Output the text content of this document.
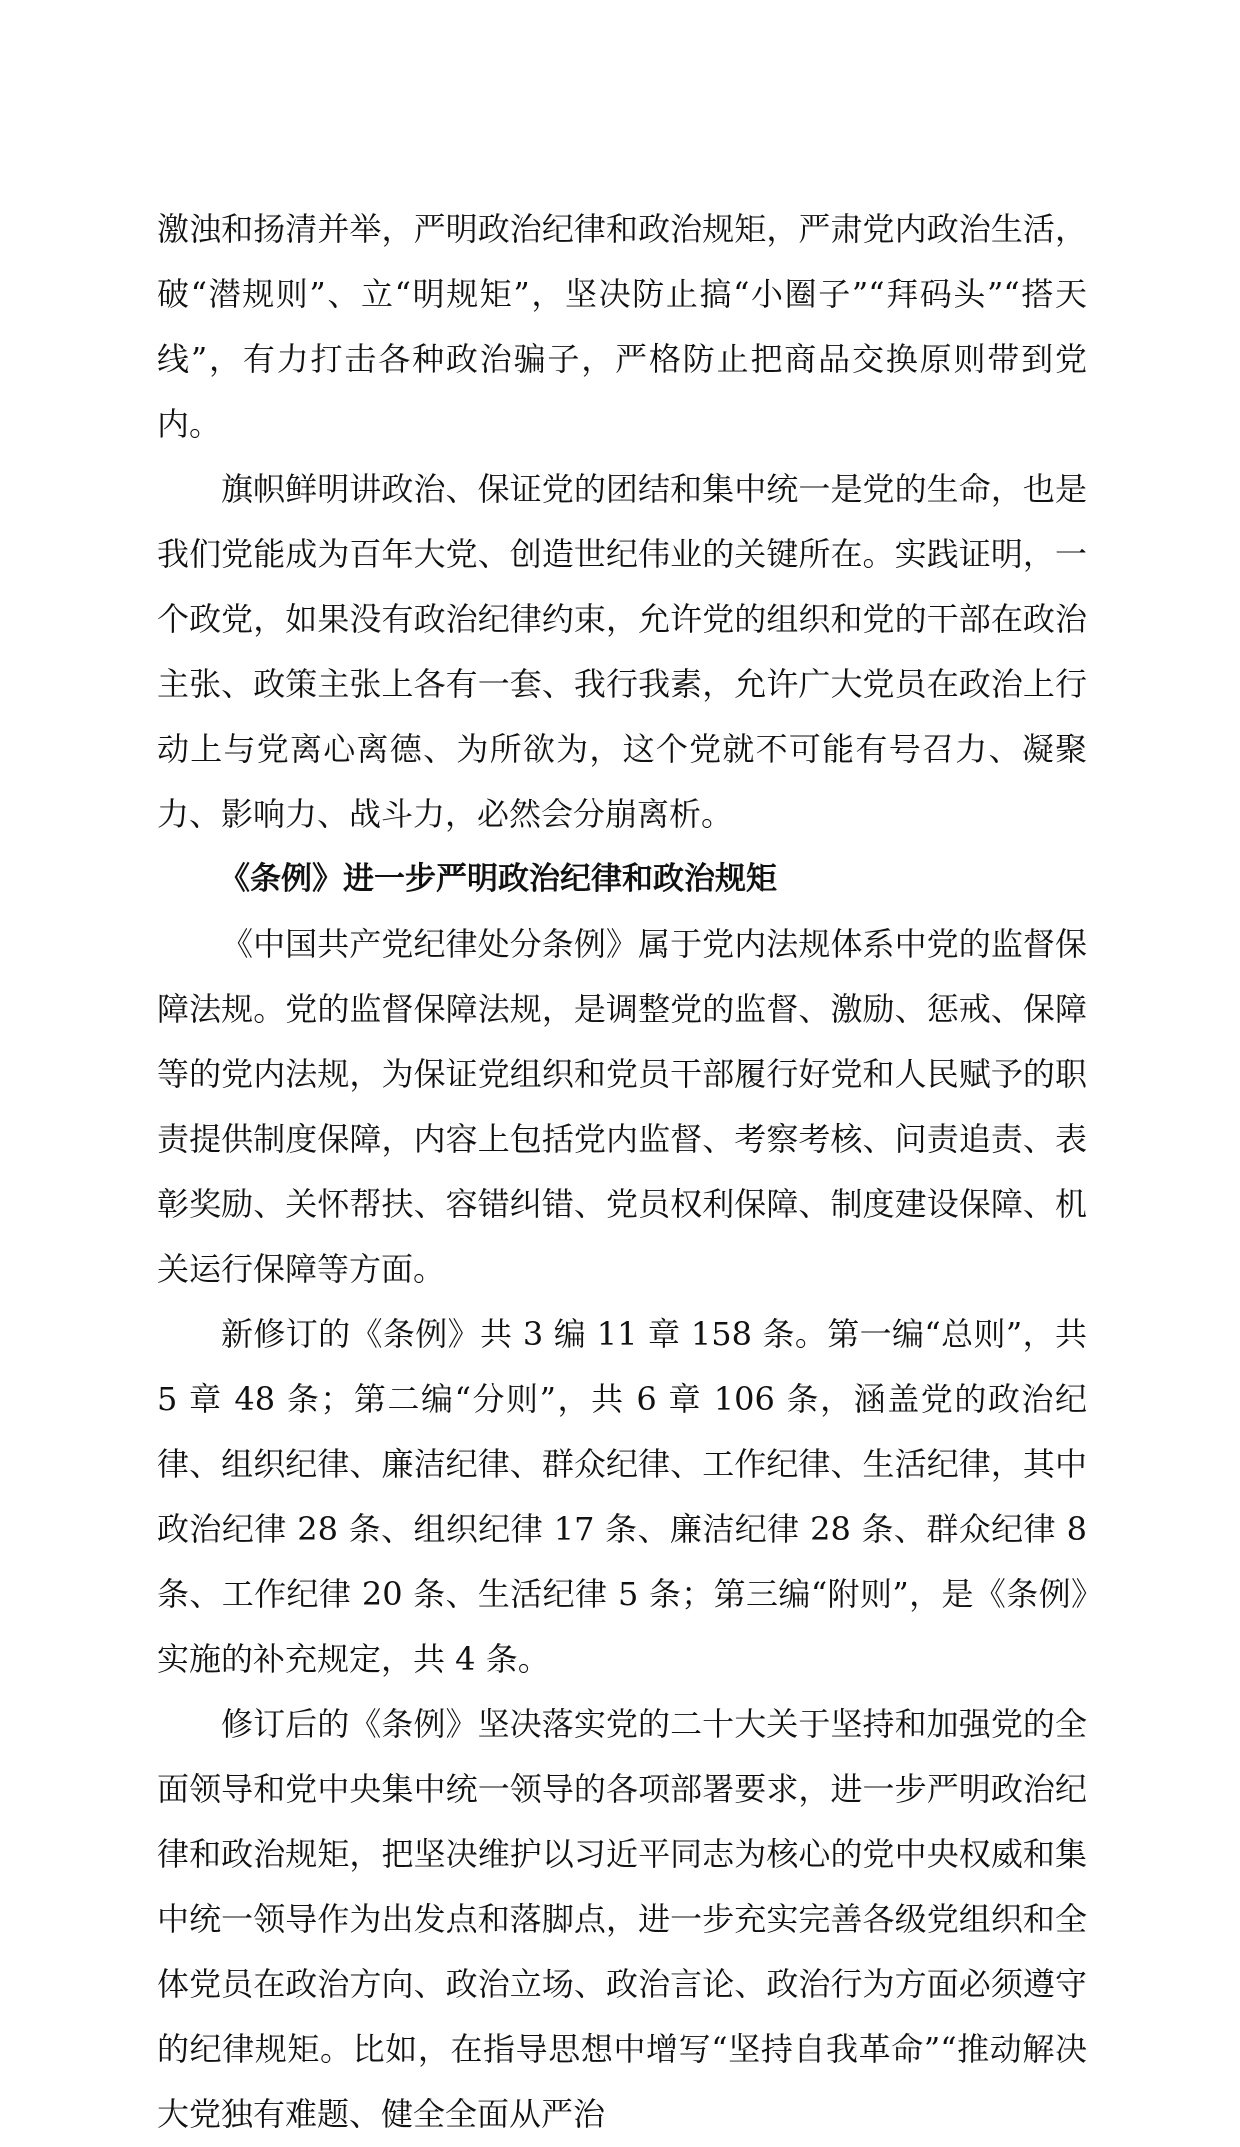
激浊和扬清并举，严明政治纪律和政治规矩，严肃党内政治生活，破“潜规则”、立“明规矩”，坚决防止搞“小圈子”“拜码头”“搭天线”，有力打击各种政治骗子，严格防止把商品交换原则带到党内。

旗帜鲜明讲政治、保证党的团结和集中统一是党的生命，也是我们党能成为百年大党、创造世纪伟业的关键所在。实践证明，一个政党，如果没有政治纪律约束，允许党的组织和党的干部在政治主张、政策主张上各有一套、我行我素，允许广大党员在政治上行动上与党离心离德、为所欲为，这个党就不可能有号召力、凝聚力、影响力、战斗力，必然会分崩离析。

《条例》进一步严明政治纪律和政治规矩

《中国共产党纪律处分条例》属于党内法规体系中党的监督保障法规。党的监督保障法规，是调整党的监督、激励、惩戒、保障等的党内法规，为保证党组织和党员干部履行好党和人民赋予的职责提供制度保障，内容上包括党内监督、考察考核、问责追责、表彰奖励、关怀帮扶、容错纠错、党员权利保障、制度建设保障、机关运行保障等方面。

新修订的《条例》共 3 编 11 章 158 条。第一编“总则”，共 5 章 48 条；第二编“分则”，共 6 章 106 条，涵盖党的政治纪律、组织纪律、廉洁纪律、群众纪律、工作纪律、生活纪律，其中政治纪律 28 条、组织纪律 17 条、廉洁纪律 28 条、群众纪律 8 条、工作纪律 20 条、生活纪律 5 条；第三编“附则”，是《条例》实施的补充规定，共 4 条。

修订后的《条例》坚决落实党的二十大关于坚持和加强党的全面领导和党中央集中统一领导的各项部署要求，进一步严明政治纪律和政治规矩，把坚决维护以习近平同志为核心的党中央权威和集中统一领导作为出发点和落脚点，进一步充实完善各级党组织和全体党员在政治方向、政治立场、政治言论、政治行为方面必须遵守的纪律规矩。比如，在指导思想中增写“坚持自我革命”“推动解决大党独有难题、健全全面从严治
